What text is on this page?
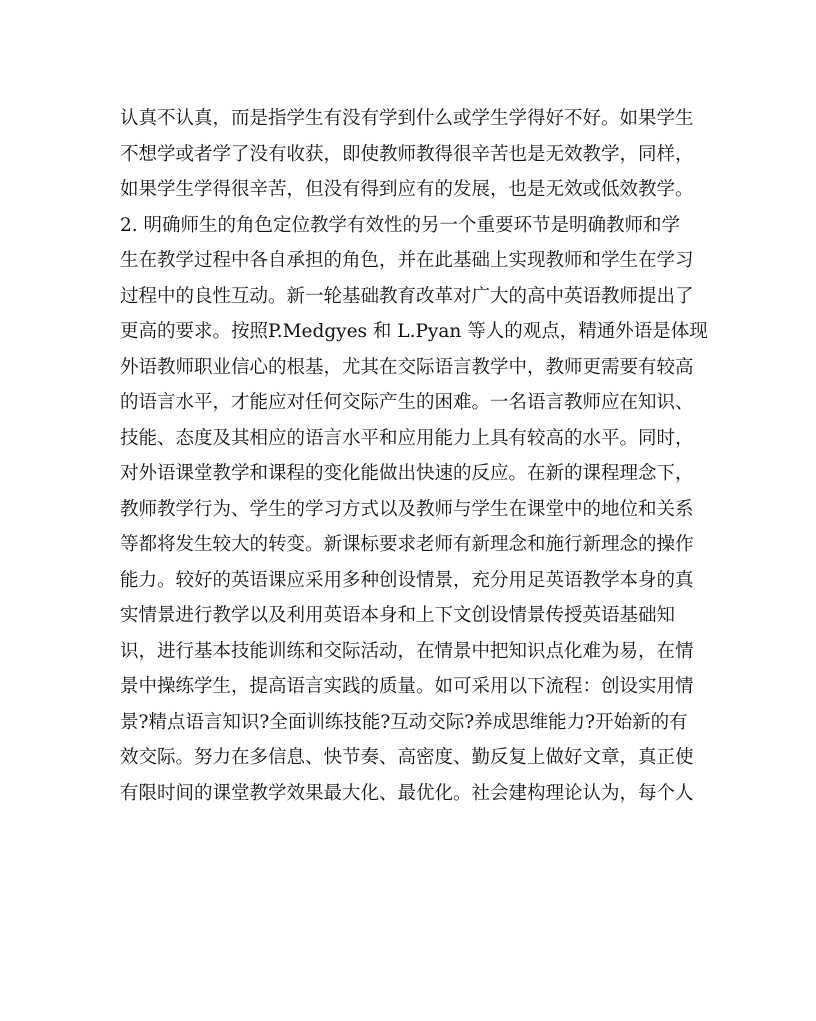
认真不认真，而是指学生有没有学到什么或学生学得好不好。如果学生
不想学或者学了没有收获，即使教师教得很辛苦也是无效教学，同样，
如果学生学得很辛苦，但没有得到应有的发展，也是无效或低效教学。
2. 明确师生的角色定位教学有效性的另一个重要环节是明确教师和学
生在教学过程中各自承担的角色，并在此基础上实现教师和学生在学习
过程中的良性互动。新一轮基础教育改革对广大的高中英语教师提出了
更高的要求。按照P.Medgyes 和 L.Pyan 等人的观点，精通外语是体现
外语教师职业信心的根基，尤其在交际语言教学中，教师更需要有较高
的语言水平，才能应对任何交际产生的困难。一名语言教师应在知识、
技能、态度及其相应的语言水平和应用能力上具有较高的水平。同时，
对外语课堂教学和课程的变化能做出快速的反应。在新的课程理念下，
教师教学行为、学生的学习方式以及教师与学生在课堂中的地位和关系
等都将发生较大的转变。新课标要求老师有新理念和施行新理念的操作
能力。较好的英语课应采用多种创设情景，充分用足英语教学本身的真
实情景进行教学以及利用英语本身和上下文创设情景传授英语基础知
识，进行基本技能训练和交际活动，在情景中把知识点化难为易，在情
景中操练学生，提高语言实践的质量。如可采用以下流程：创设实用情
景?精点语言知识?全面训练技能?互动交际?养成思维能力?开始新的有
效交际。努力在多信息、快节奏、高密度、勤反复上做好文章，真正使
有限时间的课堂教学效果最大化、最优化。社会建构理论认为，每个人
